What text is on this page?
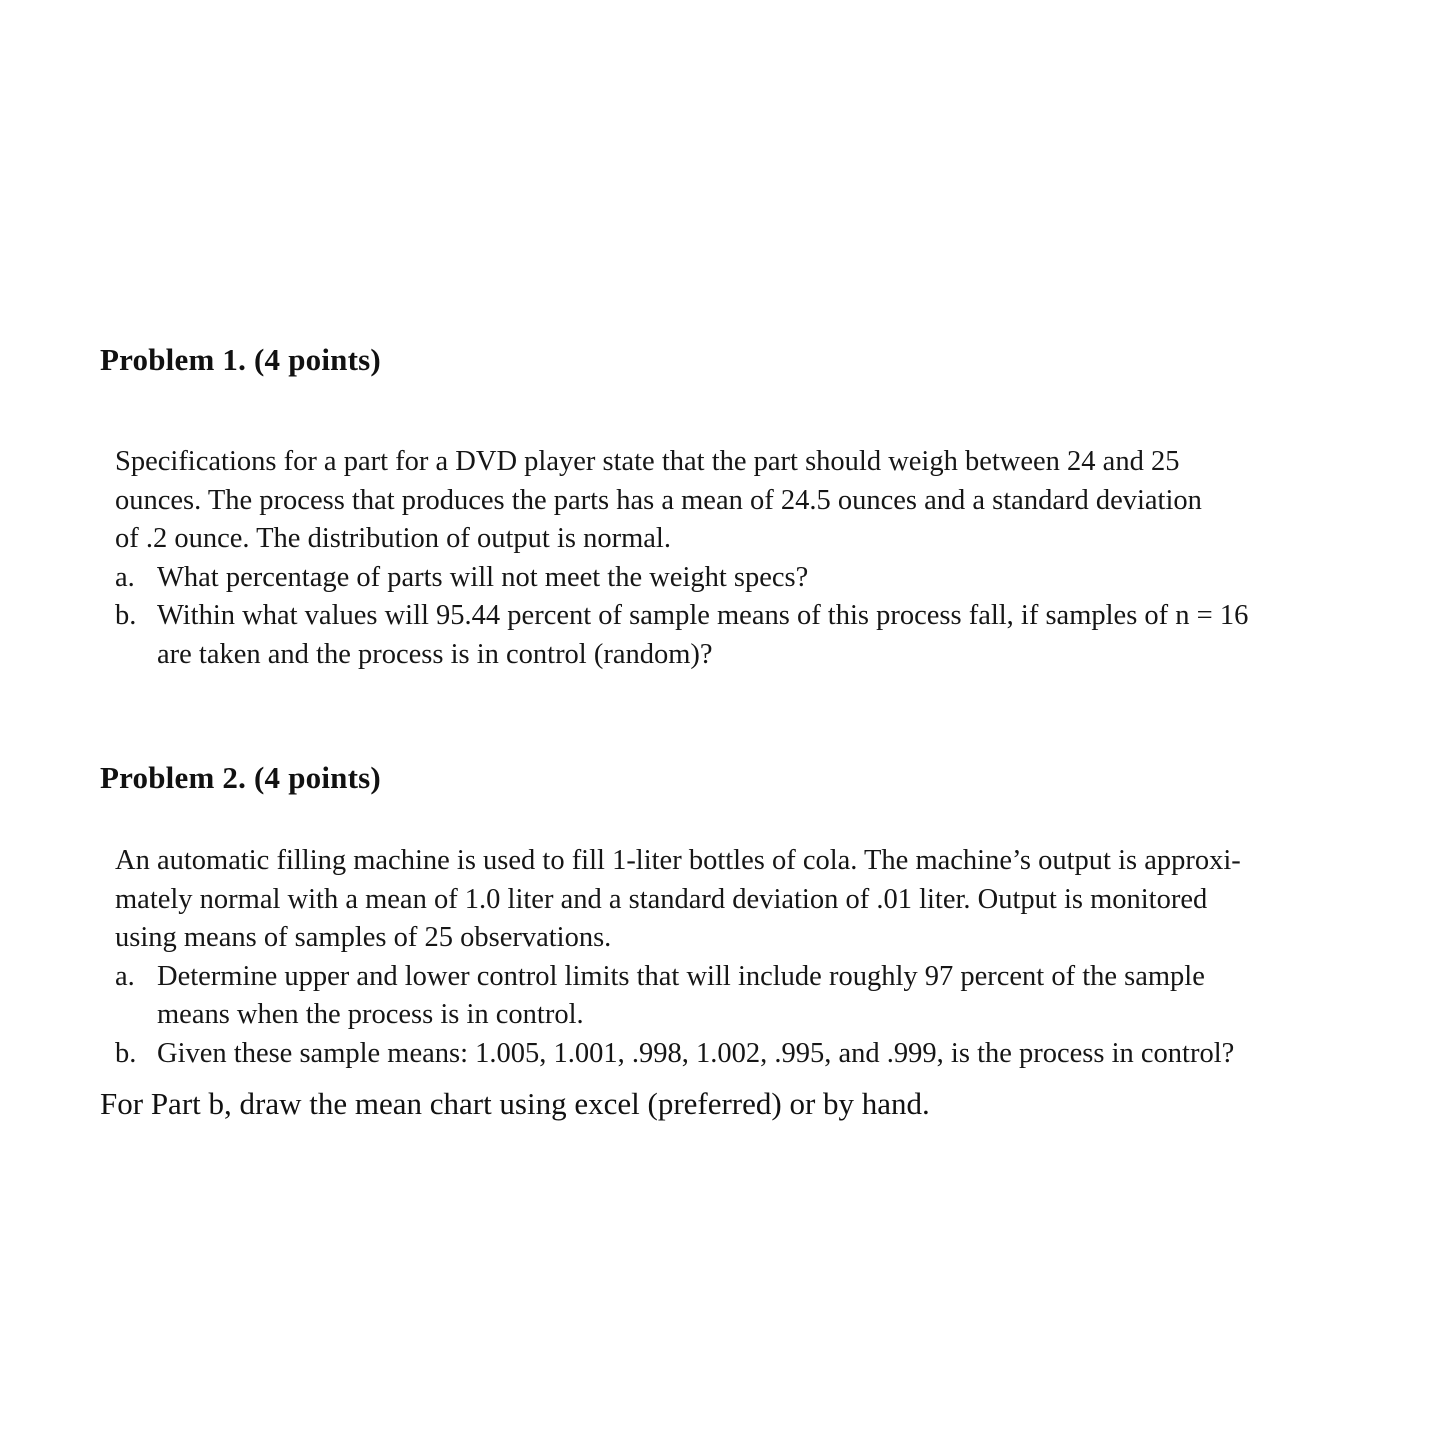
Problem 1. (4 points)
Specifications for a part for a DVD player state that the part should weigh between 24 and 25
ounces. The process that produces the parts has a mean of 24.5 ounces and a standard deviation
of .2 ounce. The distribution of output is normal.
a. What percentage of parts will not meet the weight specs?
b. Within what values will 95.44 percent of sample means of this process fall, if samples of n = 16
are taken and the process is in control (random)?
Problem 2. (4 points)
An automatic filling machine is used to fill 1-liter bottles of cola. The machine’s output is approxi-
mately normal with a mean of 1.0 liter and a standard deviation of .01 liter. Output is monitored
using means of samples of 25 observations.
a. Determine upper and lower control limits that will include roughly 97 percent of the sample
means when the process is in control.
b. Given these sample means: 1.005, 1.001, .998, 1.002, .995, and .999, is the process in control?
For Part b, draw the mean chart using excel (preferred) or by hand.
